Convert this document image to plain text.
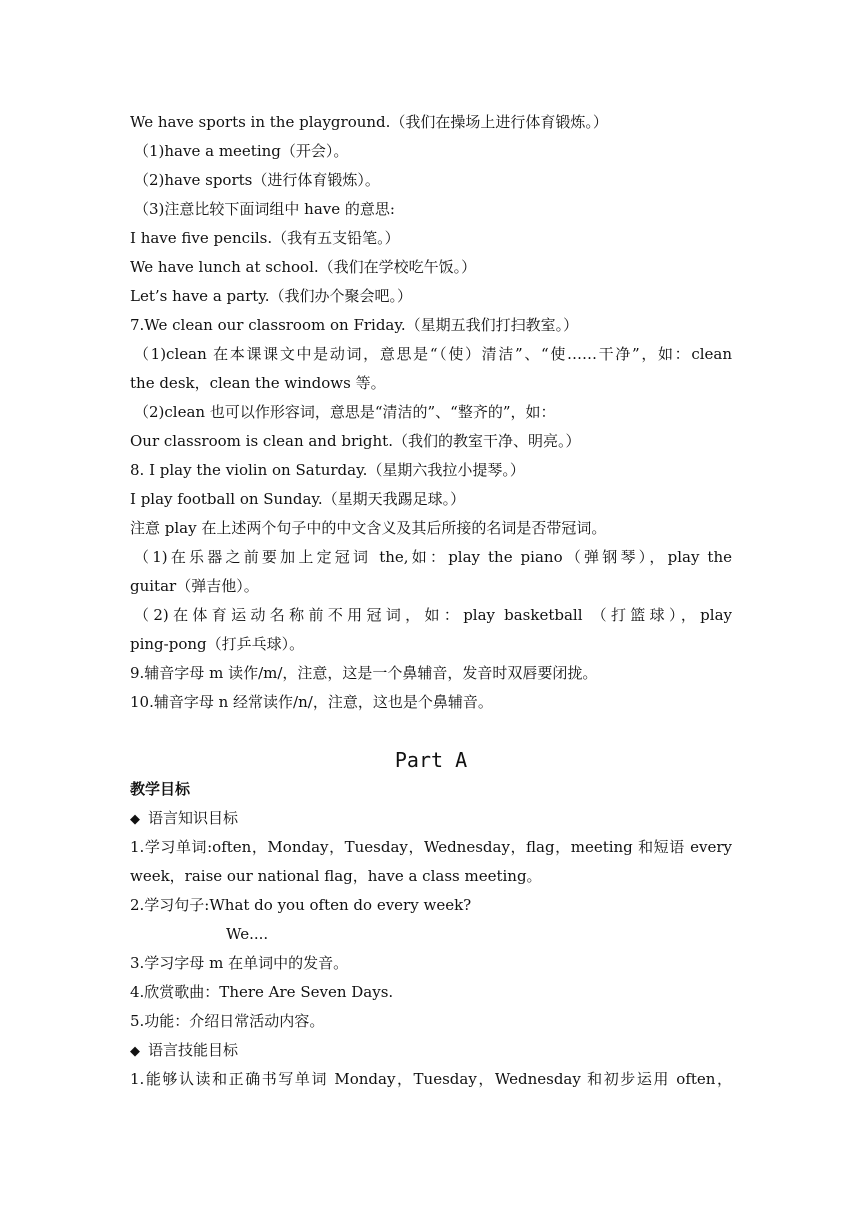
We have sports in the playground.（我们在操场上进行体育锻炼。）
（1)have a meeting（开会）。
（2)have sports（进行体育锻炼）。
（3)注意比较下面词组中 have 的意思:
I have five pencils.（我有五支铅笔。）
We have lunch at school.（我们在学校吃午饭。）
Let’s have a party.（我们办个聚会吧。）
7.We clean our classroom on Friday.（星期五我们打扫教室。）
（1)clean 在本课课文中是动词，意思是“（使）清洁”、“使……干净”，如：clean
the desk，clean the windows 等。
（2)clean 也可以作形容词，意思是“清洁的”、“整齐的”，如：
Our classroom is clean and bright.（我们的教室干净、明亮。）
8. I play the violin on Saturday.（星期六我拉小提琴。）
I play football on Sunday.（星期天我踢足球。）
注意 play 在上述两个句子中的中文含义及其后所接的名词是否带冠词。
（1)在乐器之前要加上定冠词 the,如：play the piano（弹钢琴），play the
guitar（弹吉他）。
（2)在体育运动名称前不用冠词，如：play basketball （打篮球），play
ping-pong（打乒乓球）。
9.辅音字母 m 读作/m/，注意，这是一个鼻辅音，发音时双唇要闭拢。
10.辅音字母 n 经常读作/n/，注意，这也是个鼻辅音。
Part A
教学目标
◆ 语言知识目标
1.学习单词:often，Monday，Tuesday，Wednesday，flag，meeting 和短语 every
week，raise our national flag，have a class meeting。
2.学习句子:What do you often do every week?
We....
3.学习字母 m 在单词中的发音。
4.欣赏歌曲：There Are Seven Days.
5.功能：介绍日常活动内容。
◆ 语言技能目标
1.能够认读和正确书写单词 Monday，Tuesday，Wednesday 和初步运用 often，
